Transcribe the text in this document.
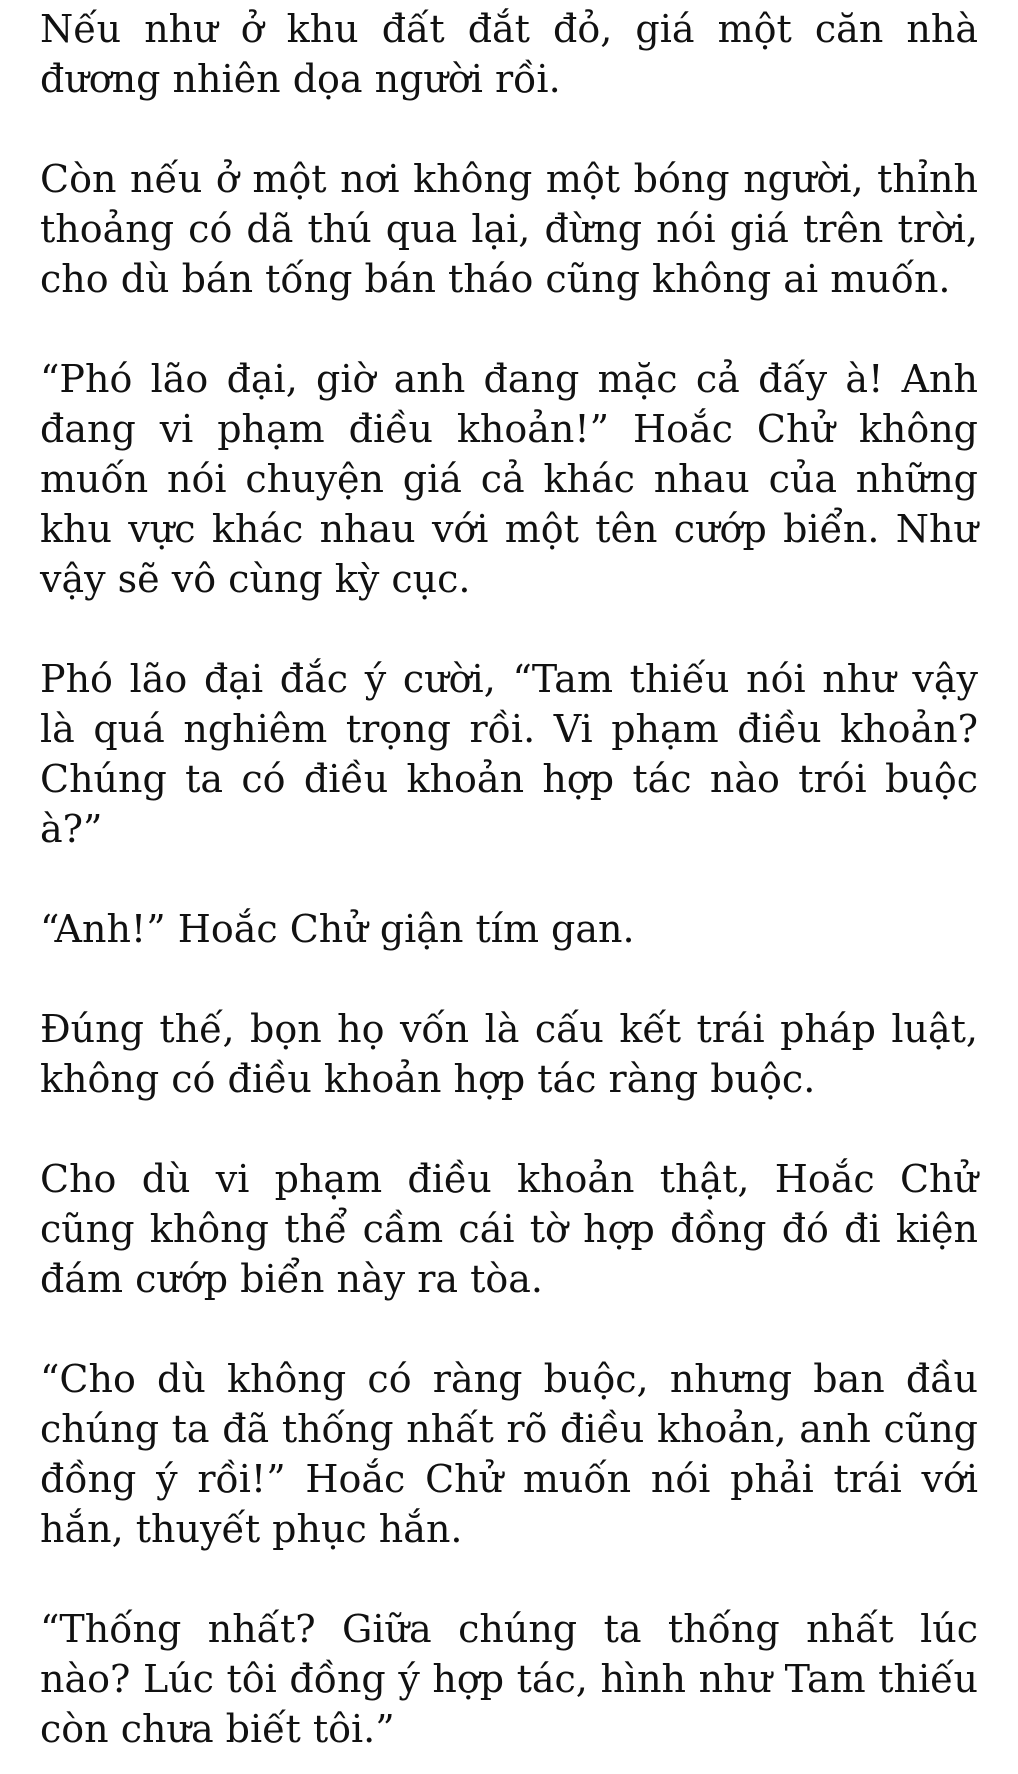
Nếu như ở khu đất đắt đỏ, giá một căn nhà đương nhiên dọa người rồi.

Còn nếu ở một nơi không một bóng người, thỉnh thoảng có dã thú qua lại, đừng nói giá trên trời, cho dù bán tống bán tháo cũng không ai muốn.

“Phó lão đại, giờ anh đang mặc cả đấy à! Anh đang vi phạm điều khoản!” Hoắc Chử không muốn nói chuyện giá cả khác nhau của những khu vực khác nhau với một tên cướp biển. Như vậy sẽ vô cùng kỳ cục.

Phó lão đại đắc ý cười, “Tam thiếu nói như vậy là quá nghiêm trọng rồi. Vi phạm điều khoản? Chúng ta có điều khoản hợp tác nào trói buộc à?”

“Anh!” Hoắc Chử giận tím gan.

Đúng thế, bọn họ vốn là cấu kết trái pháp luật, không có điều khoản hợp tác ràng buộc.

Cho dù vi phạm điều khoản thật, Hoắc Chử cũng không thể cầm cái tờ hợp đồng đó đi kiện đám cướp biển này ra tòa.

“Cho dù không có ràng buộc, nhưng ban đầu chúng ta đã thống nhất rõ điều khoản, anh cũng đồng ý rồi!” Hoắc Chử muốn nói phải trái với hắn, thuyết phục hắn.

“Thống nhất? Giữa chúng ta thống nhất lúc nào? Lúc tôi đồng ý hợp tác, hình như Tam thiếu còn chưa biết tôi.”
